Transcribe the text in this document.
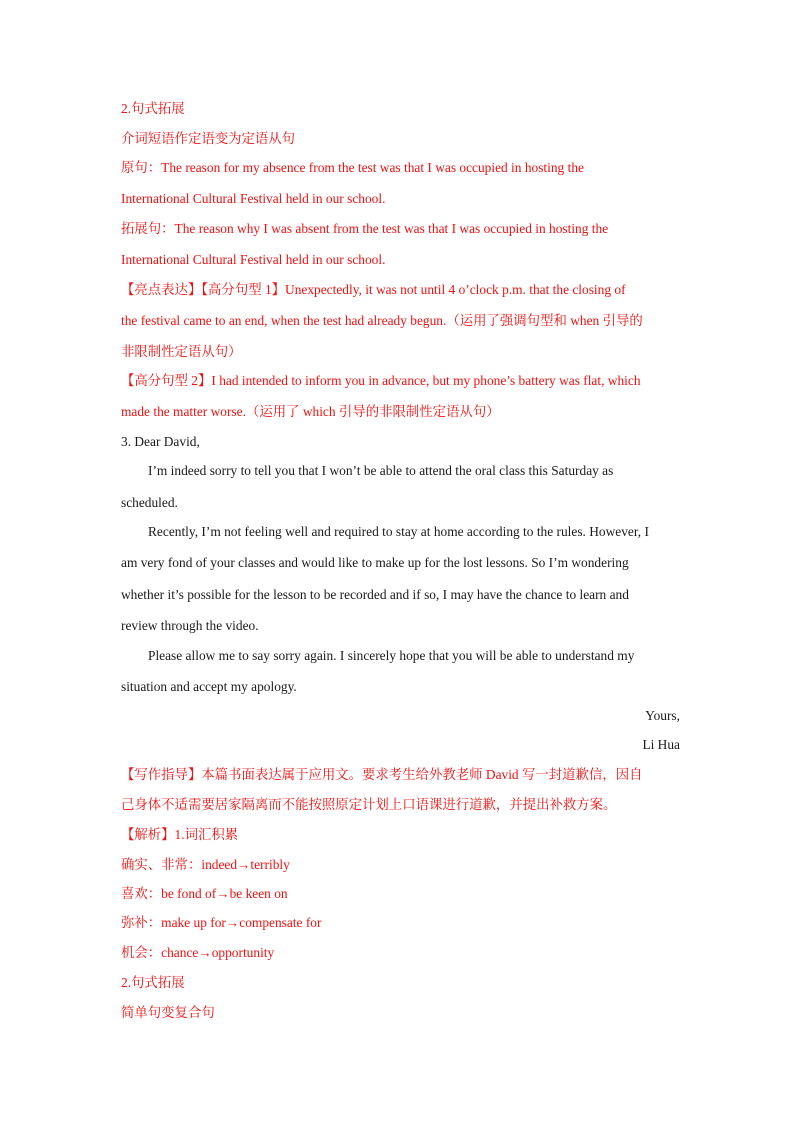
2.句式拓展
介词短语作定语变为定语从句
原句：The reason for my absence from the test was that I was occupied in hosting the
International Cultural Festival held in our school.
拓展句：The reason why I was absent from the test was that I was occupied in hosting the
International Cultural Festival held in our school.
【亮点表达】【高分句型 1】Unexpectedly, it was not until 4 o’clock p.m. that the closing of
the festival came to an end, when the test had already begun.（运用了强调句型和 when 引导的
非限制性定语从句）
【高分句型 2】I had intended to inform you in advance, but my phone’s battery was flat, which
made the matter worse.（运用了 which 引导的非限制性定语从句）
3. Dear David,
I’m indeed sorry to tell you that I won’t be able to attend the oral class this Saturday as
scheduled.
Recently, I’m not feeling well and required to stay at home according to the rules. However, I
am very fond of your classes and would like to make up for the lost lessons. So I’m wondering
whether it’s possible for the lesson to be recorded and if so, I may have the chance to learn and
review through the video.
Please allow me to say sorry again. I sincerely hope that you will be able to understand my
situation and accept my apology.
Yours,
Li Hua
【写作指导】本篇书面表达属于应用文。要求考生给外教老师 David 写一封道歉信，因自
己身体不适需要居家隔离而不能按照原定计划上口语课进行道歉，并提出补救方案。
【解析】1.词汇积累
确实、非常：indeed→terribly
喜欢：be fond of→be keen on
弥补：make up for→compensate for
机会：chance→opportunity
2.句式拓展
简单句变复合句
